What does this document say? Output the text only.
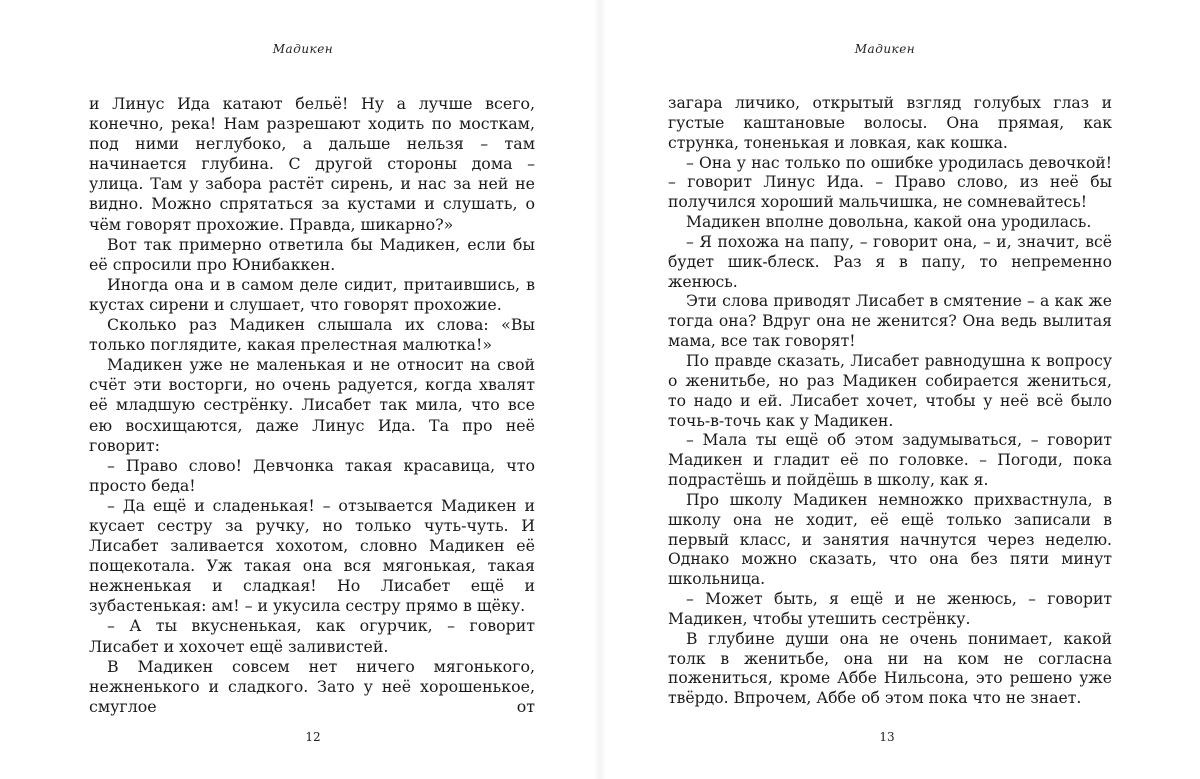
Мадикен

и Линус Ида катают бельё! Ну а лучше всего, конечно, река! Нам разрешают ходить по мосткам, под ними неглубоко, а дальше нельзя – там начинается глубина. С другой стороны дома – улица. Там у забора растёт сирень, и нас за ней не видно. Можно спрятаться за кустами и слушать, о чём говорят прохожие. Правда, шикарно?»

Вот так примерно ответила бы Мадикен, если бы её спросили про Юнибаккен.

Иногда она и в самом деле сидит, притаившись, в кустах сирени и слушает, что говорят прохожие.

Сколько раз Мадикен слышала их слова: «Вы только поглядите, какая прелестная малютка!»

Мадикен уже не маленькая и не относит на свой счёт эти восторги, но очень радуется, когда хвалят её младшую сестрёнку. Лисабет так мила, что все ею восхищаются, даже Линус Ида. Та про неё говорит:

– Право слово! Девчонка такая красавица, что просто беда!

– Да ещё и сладенькая! – отзывается Мадикен и кусает сестру за ручку, но только чуть-чуть. И Лисабет заливается хохотом, словно Мадикен её пощекотала. Уж такая она вся мягонькая, такая нежненькая и сладкая! Но Лисабет ещё и зубастенькая: ам! – и укусила сестру прямо в щёку.

– А ты вкусненькая, как огурчик, – говорит Лисабет и хохочет ещё заливистей.

В Мадикен совсем нет ничего мягонького, нежненького и сладкого. Зато у неё хорошенькое, смуглое от

12
Мадикен

загара личико, открытый взгляд голубых глаз и густые каштановые волосы. Она прямая, как струнка, тоненькая и ловкая, как кошка.

– Она у нас только по ошибке уродилась девочкой! – говорит Линус Ида. – Право слово, из неё бы получился хороший мальчишка, не сомневайтесь!

Мадикен вполне довольна, какой она уродилась.

– Я похожа на папу, – говорит она, – и, значит, всё будет шик-блеск. Раз я в папу, то непременно женюсь.

Эти слова приводят Лисабет в смятение – а как же тогда она? Вдруг она не женится? Она ведь вылитая мама, все так говорят!

По правде сказать, Лисабет равнодушна к вопросу о женитьбе, но раз Мадикен собирается жениться, то надо и ей. Лисабет хочет, чтобы у неё всё было точь-в-точь как у Мадикен.

– Мала ты ещё об этом задумываться, – говорит Мадикен и гладит её по головке. – Погоди, пока подрастёшь и пойдёшь в школу, как я.

Про школу Мадикен немножко прихвастнула, в школу она не ходит, её ещё только записали в первый класс, и занятия начнутся через неделю. Однако можно сказать, что она без пяти минут школьница.

– Может быть, я ещё и не женюсь, – говорит Мадикен, чтобы утешить сестрёнку.

В глубине души она не очень понимает, какой толк в женитьбе, она ни на ком не согласна пожениться, кроме Аббе Нильсона, это решено уже твёрдо. Впрочем, Аббе об этом пока что не знает.

13
